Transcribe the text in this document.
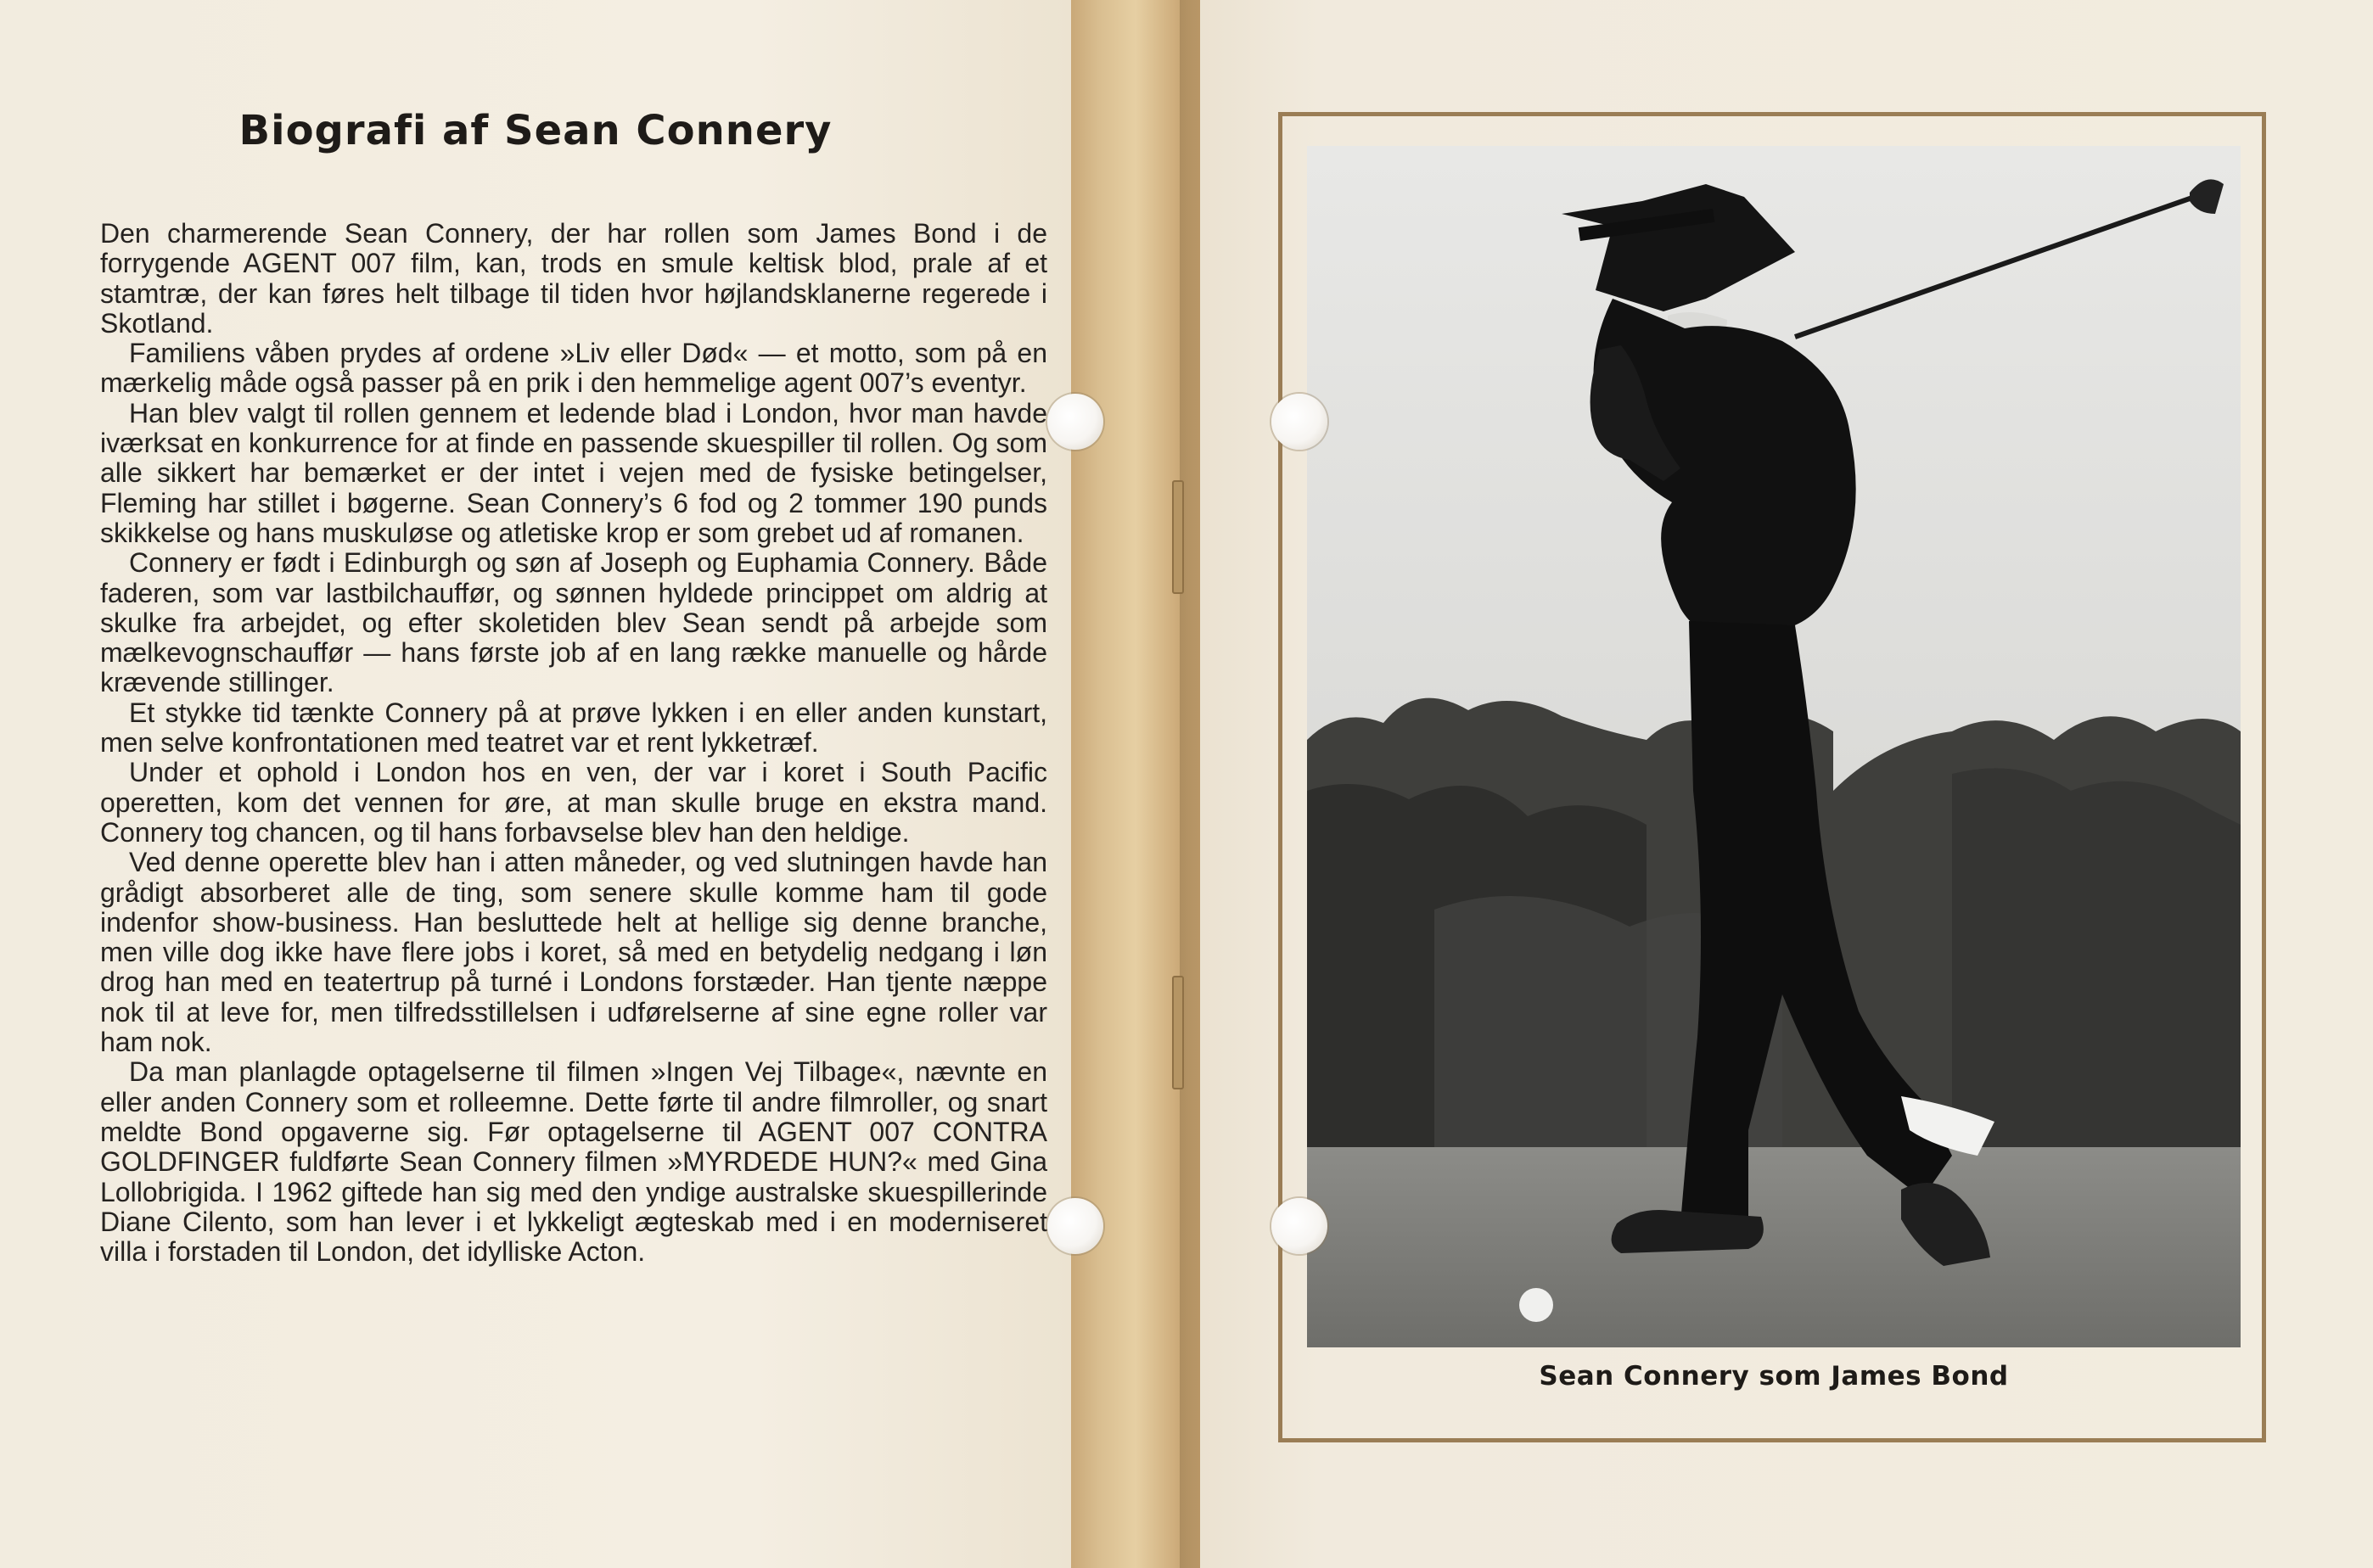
Biografi af Sean Connery

Den charmerende Sean Connery, der har rollen som James Bond i de forrygende AGENT 007 film, kan, trods en smule keltisk blod, prale af et stamtræ, der kan føres helt tilbage til tiden hvor højlandsklanerne regerede i Skotland.

Familiens våben prydes af ordene »Liv eller Død« — et motto, som på en mærkelig måde også passer på en prik i den hemmelige agent 007’s eventyr.

Han blev valgt til rollen gennem et ledende blad i London, hvor man havde iværksat en konkurrence for at finde en passende skuespiller til rollen. Og som alle sikkert har bemærket er der intet i vejen med de fysiske betingelser, Fleming har stillet i bøgerne. Sean Connery’s 6 fod og 2 tommer 190 punds skikkelse og hans muskuløse og atletiske krop er som grebet ud af romanen.

Connery er født i Edinburgh og søn af Joseph og Euphamia Connery. Både faderen, som var lastbilchauffør, og sønnen hyldede princippet om aldrig at skulke fra arbejdet, og efter skoletiden blev Sean sendt på arbejde som mælkevognschauffør — hans første job af en lang række manuelle og hårde krævende stillinger.

Et stykke tid tænkte Connery på at prøve lykken i en eller anden kunstart, men selve konfrontationen med teatret var et rent lykketræf.

Under et ophold i London hos en ven, der var i koret i South Pacific operetten, kom det vennen for øre, at man skulle bruge en ekstra mand. Connery tog chancen, og til hans forbavselse blev han den heldige.

Ved denne operette blev han i atten måneder, og ved slutningen havde han grådigt absorberet alle de ting, som senere skulle komme ham til gode indenfor show-business. Han besluttede helt at hellige sig denne branche, men ville dog ikke have flere jobs i koret, så med en betydelig nedgang i løn drog han med en teatertrup på turné i Londons forstæder. Han tjente næppe nok til at leve for, men tilfredsstillelsen i udførelserne af sine egne roller var ham nok.

Da man planlagde optagelserne til filmen »Ingen Vej Tilbage«, nævnte en eller anden Connery som et rolleemne. Dette førte til andre filmroller, og snart meldte Bond opgaverne sig. Før optagelserne til AGENT 007 CONTRA GOLDFINGER fuldførte Sean Connery filmen »MYRDEDE HUN?« med Gina Lollobrigida. I 1962 giftede han sig med den yndige australske skuespillerinde Diane Cilento, som han lever i et lykkeligt ægteskab med i en moderniseret villa i forstaden til London, det idylliske Acton.

Sean Connery som James Bond
